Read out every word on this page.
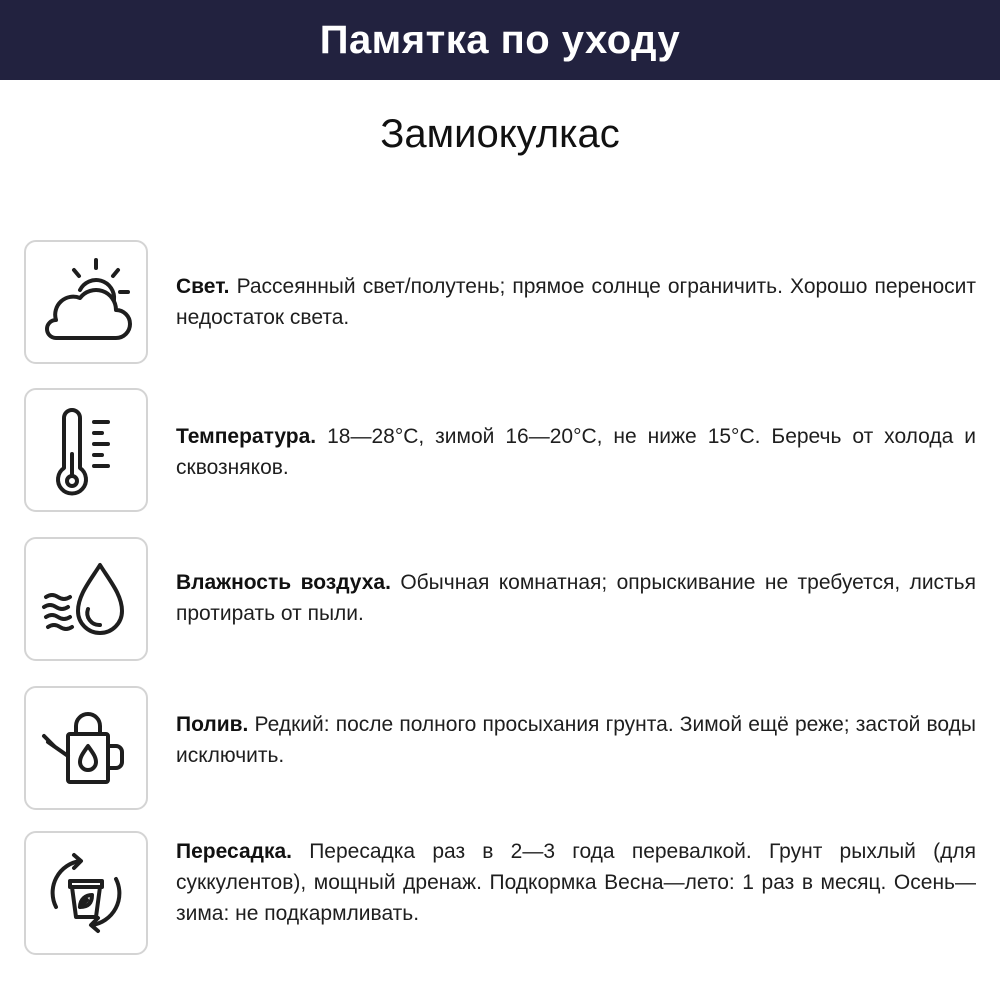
Памятка по уходу
Замиокулкас
Свет. Рассеянный свет/полутень; прямое солнце ограничить. Хорошо переносит недостаток света.
Температура. 18—28°C, зимой 16—20°C, не ниже 15°C. Беречь от холода и сквозняков.
Влажность воздуха. Обычная комнатная; опрыскивание не требуется, листья протирать от пыли.
Полив. Редкий: после полного просыхания грунта. Зимой ещё реже; застой воды исключить.
Пересадка. Пересадка раз в 2—3 года перевалкой. Грунт рыхлый (для суккулентов), мощный дренаж. Подкормка Весна—лето: 1 раз в месяц. Осень—зима: не подкармливать.
